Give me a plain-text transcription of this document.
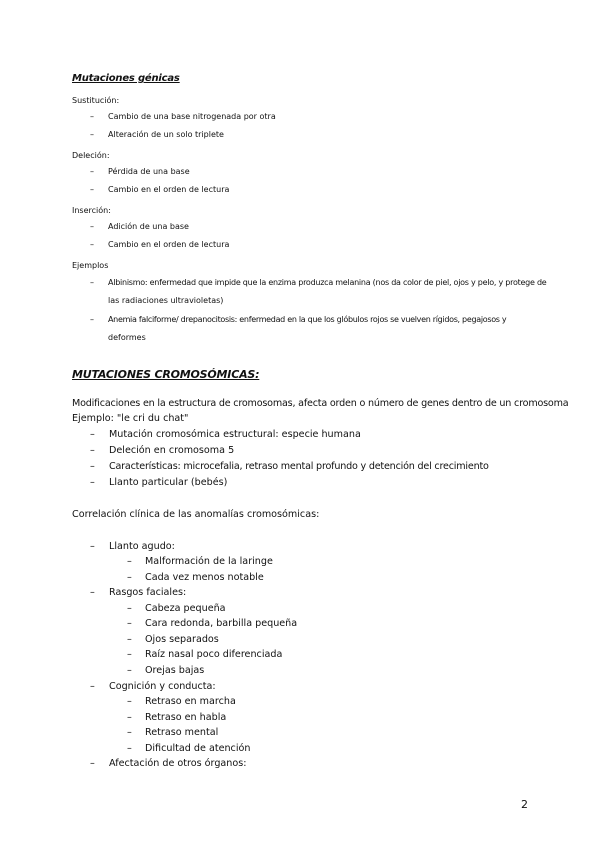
Mutaciones génicas
Sustitución:
– Cambio de una base nitrogenada por otra
– Alteración de un solo triplete
Deleción:
– Pérdida de una base
– Cambio en el orden de lectura
Inserción:
– Adición de una base
– Cambio en el orden de lectura
Ejemplos
– Albinismo: enfermedad que impide que la enzima produzca melanina (nos da color de piel, ojos y pelo, y protege de
las radiaciones ultravioletas)
– Anemia falciforme/ drepanocitosis: enfermedad en la que los glóbulos rojos se vuelven rígidos, pegajosos y
deformes
MUTACIONES CROMOSÓMICAS:
Modificaciones en la estructura de cromosomas, afecta orden o número de genes dentro de un cromosoma
Ejemplo: "le cri du chat"
– Mutación cromosómica estructural: especie humana
– Deleción en cromosoma 5
– Características: microcefalia, retraso mental profundo y detención del crecimiento
– Llanto particular (bebés)
Correlación clínica de las anomalías cromosómicas:
– Llanto agudo:
– Malformación de la laringe
– Cada vez menos notable
– Rasgos faciales:
– Cabeza pequeña
– Cara redonda, barbilla pequeña
– Ojos separados
– Raíz nasal poco diferenciada
– Orejas bajas
– Cognición y conducta:
– Retraso en marcha
– Retraso en habla
– Retraso mental
– Dificultad de atención
– Afectación de otros órganos:
2
